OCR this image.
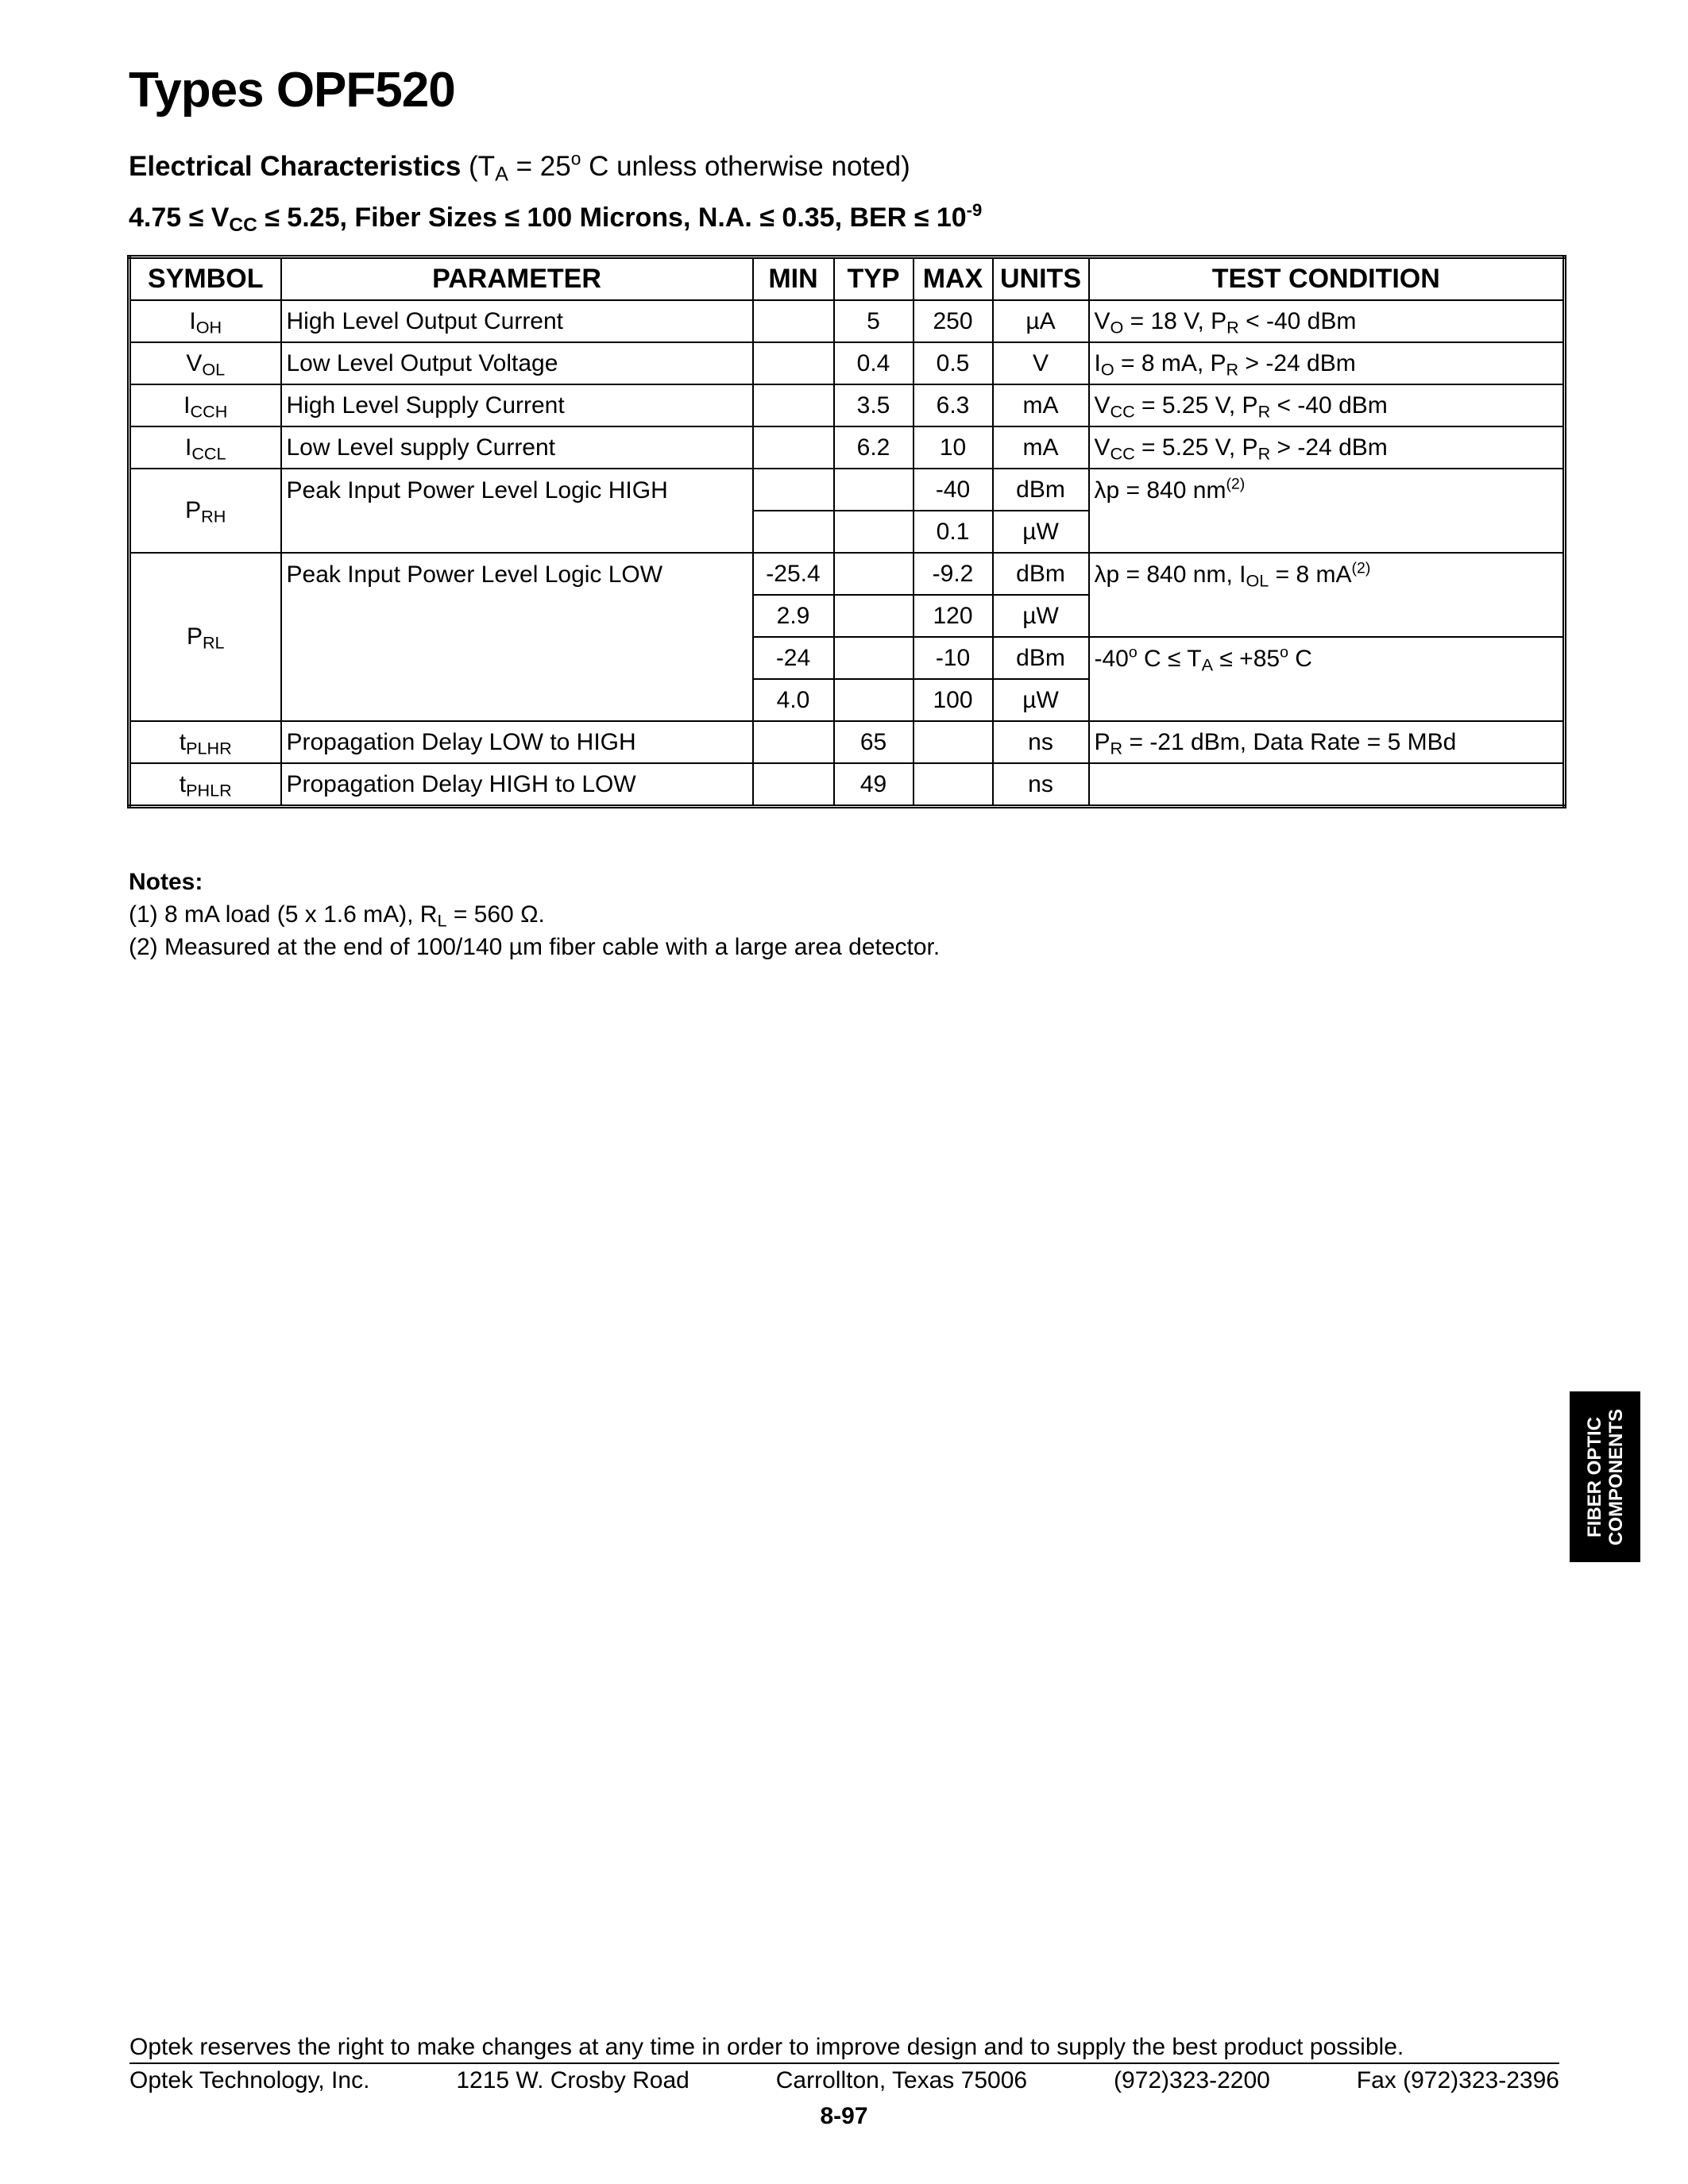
Types OPF520
Electrical Characteristics ($T_A = 25^o$ C unless otherwise noted)
$4.75 \le V_{CC} \le 5.25$, Fiber Sizes ≤ 100 Microns, N.A. ≤ 0.35, BER ≤ $10^{-9}$
SYMBOL	PARAMETER	MIN	TYP	MAX	UNITS	TEST CONDITION
$I_{OH}$	High Level Output Current		5	250	µA	$V_O = 18$ V, $P_R < -40$ dBm
$V_{OL}$	Low Level Output Voltage		0.4	0.5	V	$I_O = 8$ mA, $P_R > -24$ dBm
$I_{CCH}$	High Level Supply Current		3.5	6.3	mA	$V_{CC} = 5.25$ V, $P_R < -40$ dBm
$I_{CCL}$	Low Level supply Current		6.2	10	mA	$V_{CC} = 5.25$ V, $P_R > -24$ dBm
$P_{RH}$	Peak Input Power Level Logic HIGH			-40	dBm	λp = 840 $nm^{(2)}$
				0.1	µW	
$P_{RL}$	Peak Input Power Level Logic LOW	-25.4		-9.2	dBm	λp = 840 nm, $I_{OL} = 8$ $mA^{(2)}$
		2.9		120	µW	
		-24		-10	dBm	-40$^o$ $C \le T_A \le +85^o$ C
		4.0		100	µW	
$t_{PLHR}$	Propagation Delay LOW to HIGH		65		ns	$P_R = -21$ dBm, Data Rate = 5 MBd
$t_{PHLR}$	Propagation Delay HIGH to LOW		49		ns	
Notes:
(1) 8 mA load (5 x 1.6 mA), $R_L = 560$ Ω.
(2) Measured at the end of 100/140 µm fiber cable with a large area detector.
FIBER OPTIC
COMPONENTS
Optek reserves the right to make changes at any time in order to improve design and to supply the best product possible.
Optek Technology, Inc.	1215 W. Crosby Road	Carrollton, Texas 75006	(972)323-2200	Fax (972)323-2396
8-97
